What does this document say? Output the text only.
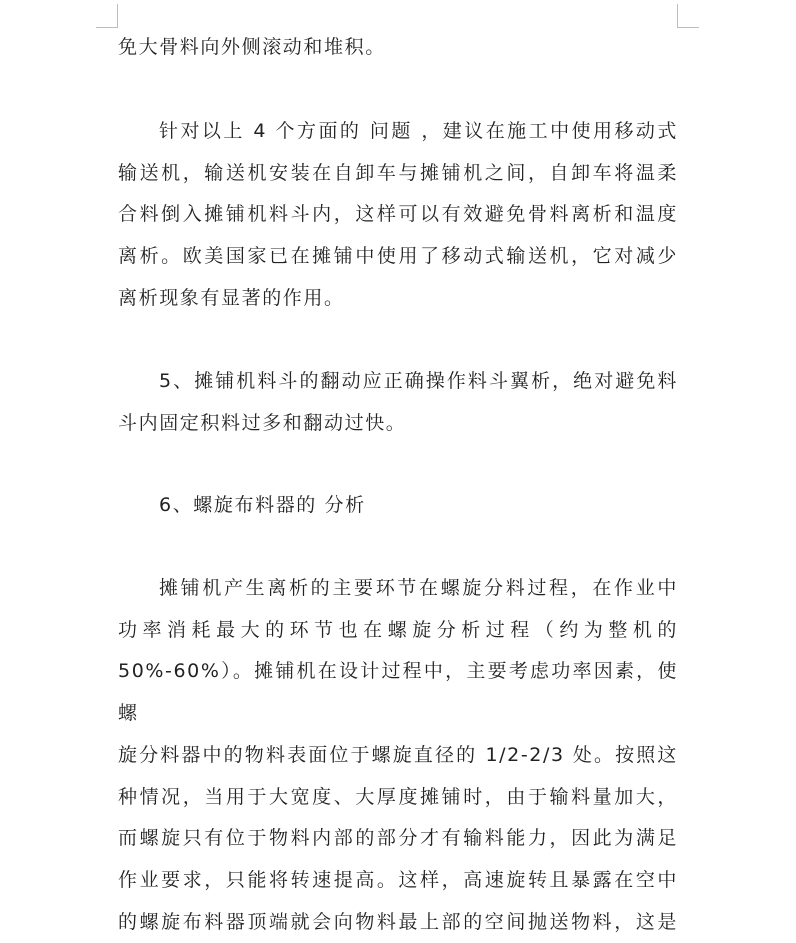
免大骨料向外侧滚动和堆积。
针对以上 4 个方面的 问题 ，建议在施工中使用移动式
输送机，输送机安装在自卸车与摊铺机之间，自卸车将温柔
合料倒入摊铺机料斗内，这样可以有效避免骨料离析和温度
离析。欧美国家已在摊铺中使用了移动式输送机，它对减少
离析现象有显著的作用。
5、摊铺机料斗的翻动应正确操作料斗翼析，绝对避免料
斗内固定积料过多和翻动过快。
6、螺旋布料器的 分析
摊铺机产生离析的主要环节在螺旋分料过程，在作业中
功率消耗最大的环节也在螺旋分析过程（约为整机的
50%-60%）。摊铺机在设计过程中，主要考虑功率因素，使螺
旋分料器中的物料表面位于螺旋直径的 1/2-2/3 处。按照这
种情况，当用于大宽度、大厚度摊铺时，由于输料量加大，
而螺旋只有位于物料内部的部分才有输料能力，因此为满足
作业要求，只能将转速提高。这样，高速旋转且暴露在空中
的螺旋布料器顶端就会向物料最上部的空间抛送物料，这是
